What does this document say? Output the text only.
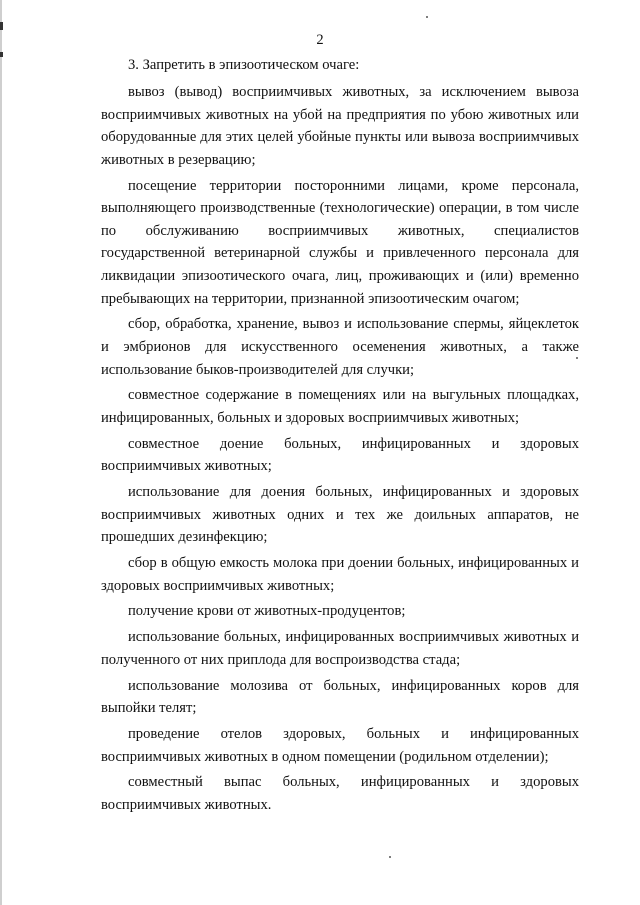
2

3. Запретить в эпизоотическом очаге:

вывоз (вывод) восприимчивых животных, за исключением вывоза восприимчивых животных на убой на предприятия по убою животных или оборудованные для этих целей убойные пункты или вывоза восприимчивых животных в резервацию;

посещение территории посторонними лицами, кроме персонала, выполняющего производственные (технологические) операции, в том числе по обслуживанию восприимчивых животных, специалистов государственной ветеринарной службы и привлеченного персонала для ликвидации эпизоотического очага, лиц, проживающих и (или) временно пребывающих на территории, признанной эпизоотическим очагом;

сбор, обработка, хранение, вывоз и использование спермы, яйцеклеток и эмбрионов для искусственного осеменения животных, а также использование быков-производителей для случки;

совместное содержание в помещениях или на выгульных площадках, инфицированных, больных и здоровых восприимчивых животных;

совместное доение больных, инфицированных и здоровых восприимчивых животных;

использование для доения больных, инфицированных и здоровых восприимчивых животных одних и тех же доильных аппаратов, не прошедших дезинфекцию;

сбор в общую емкость молока при доении больных, инфицированных и здоровых восприимчивых животных;

получение крови от животных-продуцентов;

использование больных, инфицированных восприимчивых животных и полученного от них приплода для воспроизводства стада;

использование молозива от больных, инфицированных коров для выпойки телят;

проведение отелов здоровых, больных и инфицированных восприимчивых животных в одном помещении (родильном отделении);

совместный выпас больных, инфицированных и здоровых восприимчивых животных.
